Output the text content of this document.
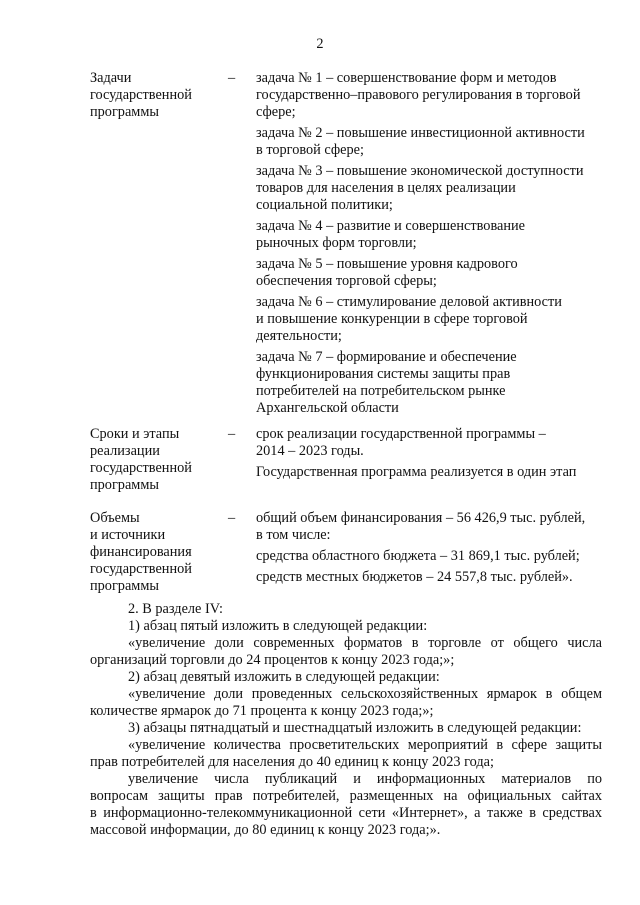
2
Задачи
государственной
программы
–	задача № 1 – совершенствование форм и методов
государственно–правового регулирования в торговой
сфере;

задача № 2 – повышение инвестиционной активности
в торговой сфере;

задача № 3 – повышение экономической доступности
товаров для населения в целях реализации
социальной политики;

задача № 4 – развитие и совершенствование
рыночных форм торговли;

задача № 5 – повышение уровня кадрового
обеспечения торговой сферы;

задача № 6 – стимулирование деловой активности
и повышение конкуренции в сфере торговой
деятельности;

задача № 7 – формирование и обеспечение
функционирования системы защиты прав
потребителей на потребительском рынке
Архангельской области

Сроки и этапы
реализации
государственной
программы
–	срок реализации государственной программы –
2014 – 2023 годы.

Государственная программа реализуется в один этап

Объемы
и источники
финансирования
государственной
программы
–	общий объем финансирования – 56 426,9 тыс. рублей,
в том числе:

средства областного бюджета – 31 869,1 тыс. рублей;

средств местных бюджетов – 24 557,8 тыс. рублей».

2. В разделе IV:
1) абзац пятый изложить в следующей редакции:
«увеличение доли современных форматов в торговле от общего числа
организаций торговли до 24 процентов к концу 2023 года;»;
2) абзац девятый изложить в следующей редакции:
«увеличение доли проведенных сельскохозяйственных ярмарок в общем
количестве ярмарок до 71 процента к концу 2023 года;»;
3) абзацы пятнадцатый и шестнадцатый изложить в следующей редакции:
«увеличение количества просветительских мероприятий в сфере защиты
прав потребителей для населения до 40 единиц к концу 2023 года;
увеличение числа публикаций и информационных материалов по
вопросам защиты прав потребителей, размещенных на официальных сайтах
в информационно-телекоммуникационной сети «Интернет», а также в средствах
массовой информации, до 80 единиц к концу 2023 года;».
